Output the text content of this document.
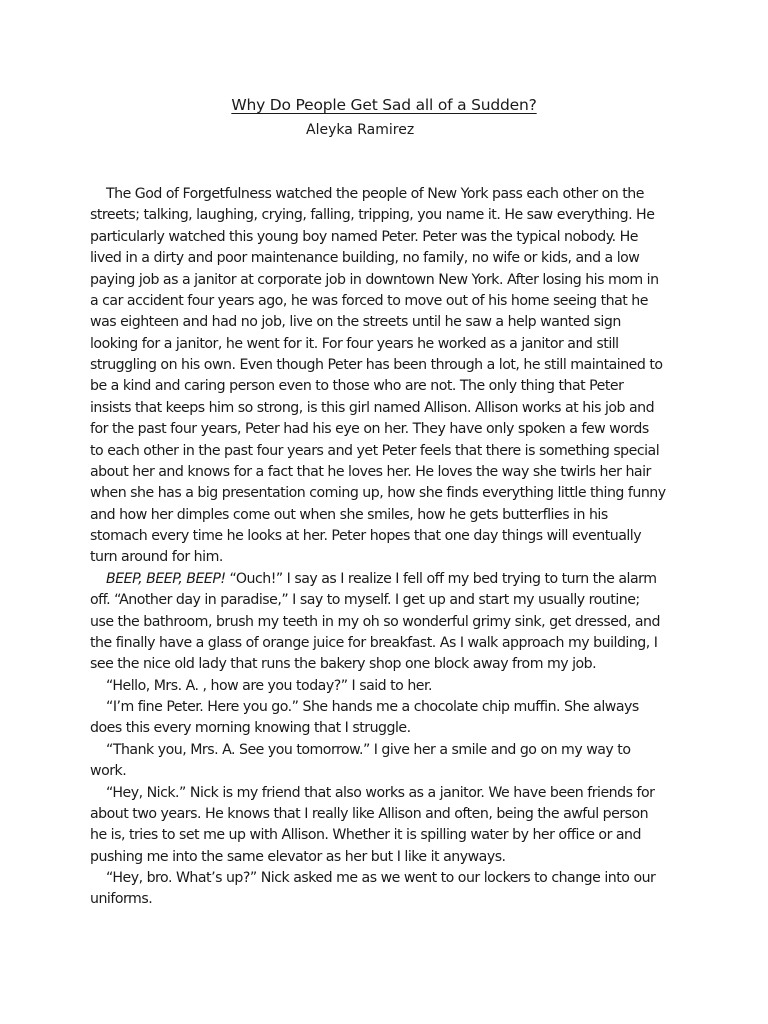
Why Do People Get Sad all of a Sudden?
Aleyka Ramirez
The God of Forgetfulness watched the people of New York pass each other on the
streets; talking, laughing, crying, falling, tripping, you name it. He saw everything. He
particularly watched this young boy named Peter. Peter was the typical nobody. He
lived in a dirty and poor maintenance building, no family, no wife or kids, and a low
paying job as a janitor at corporate job in downtown New York. After losing his mom in
a car accident four years ago, he was forced to move out of his home seeing that he
was eighteen and had no job, live on the streets until he saw a help wanted sign
looking for a janitor, he went for it. For four years he worked as a janitor and still
struggling on his own. Even though Peter has been through a lot, he still maintained to
be a kind and caring person even to those who are not. The only thing that Peter
insists that keeps him so strong, is this girl named Allison. Allison works at his job and
for the past four years, Peter had his eye on her. They have only spoken a few words
to each other in the past four years and yet Peter feels that there is something special
about her and knows for a fact that he loves her. He loves the way she twirls her hair
when she has a big presentation coming up, how she finds everything little thing funny
and how her dimples come out when she smiles, how he gets butterflies in his
stomach every time he looks at her. Peter hopes that one day things will eventually
turn around for him.
BEEP, BEEP, BEEP! “Ouch!” I say as I realize I fell off my bed trying to turn the alarm
off. “Another day in paradise,” I say to myself. I get up and start my usually routine;
use the bathroom, brush my teeth in my oh so wonderful grimy sink, get dressed, and
the finally have a glass of orange juice for breakfast. As I walk approach my building, I
see the nice old lady that runs the bakery shop one block away from my job.
“Hello, Mrs. A. , how are you today?” I said to her.
“I’m fine Peter. Here you go.” She hands me a chocolate chip muffin. She always
does this every morning knowing that I struggle.
“Thank you, Mrs. A. See you tomorrow.” I give her a smile and go on my way to
work.
“Hey, Nick.” Nick is my friend that also works as a janitor. We have been friends for
about two years. He knows that I really like Allison and often, being the awful person
he is, tries to set me up with Allison. Whether it is spilling water by her office or and
pushing me into the same elevator as her but I like it anyways.
“Hey, bro. What’s up?” Nick asked me as we went to our lockers to change into our
uniforms.
